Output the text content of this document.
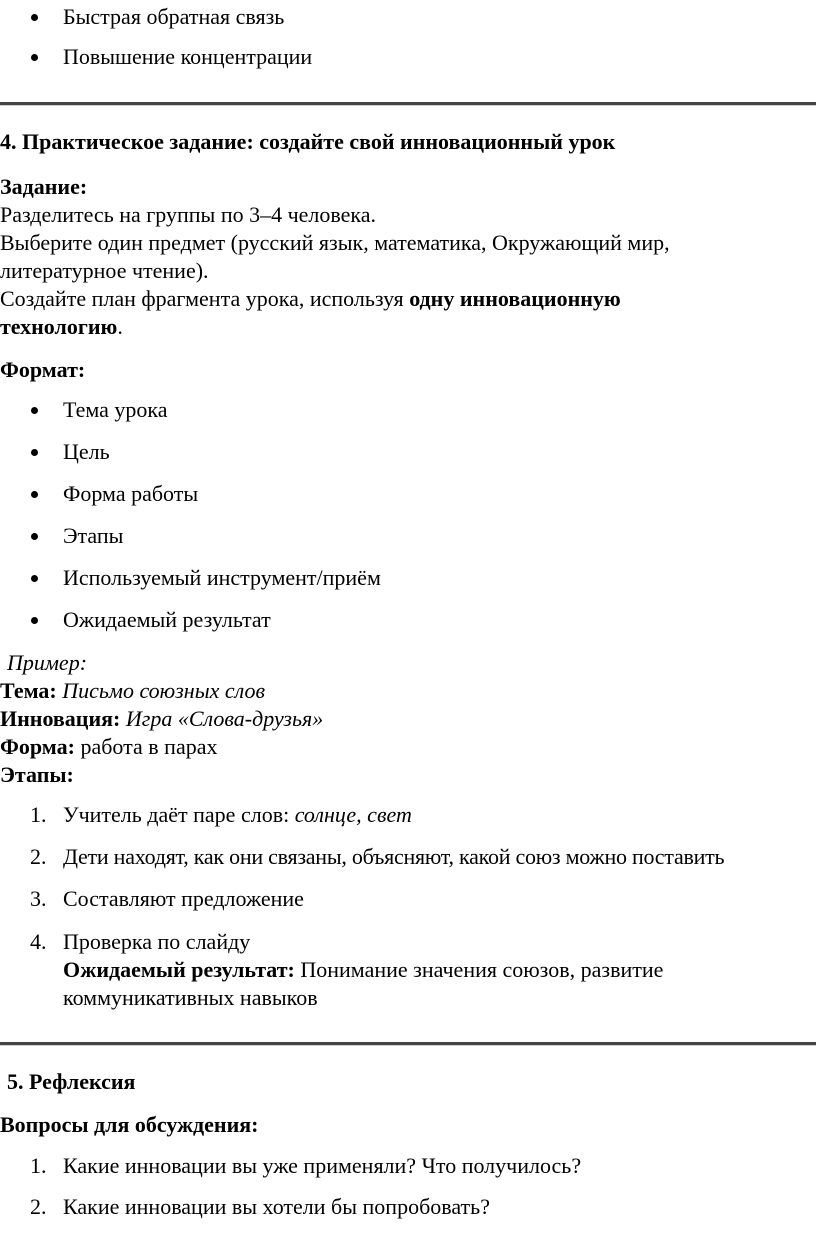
Быстрая обратная связь
Повышение концентрации
4. Практическое задание: создайте свой инновационный урок
Задание:
Разделитесь на группы по 3–4 человека.
Выберите один предмет (русский язык, математика, Окружающий мир,
литературное чтение).
Создайте план фрагмента урока, используя одну инновационную
технологию.
Формат:
Тема урока
Цель
Форма работы
Этапы
Используемый инструмент/приём
Ожидаемый результат
Пример:
Тема: Письмо союзных слов
Инновация: Игра «Слова-друзья»
Форма: работа в парах
Этапы:
1. Учитель даёт паре слов: солнце, свет
2. Дети находят, как они связаны, объясняют, какой союз можно поставить
3. Составляют предложение
4. Проверка по слайду
Ожидаемый результат: Понимание значения союзов, развитие
коммуникативных навыков
5. Рефлексия
Вопросы для обсуждения:
1. Какие инновации вы уже применяли? Что получилось?
2. Какие инновации вы хотели бы попробовать?
